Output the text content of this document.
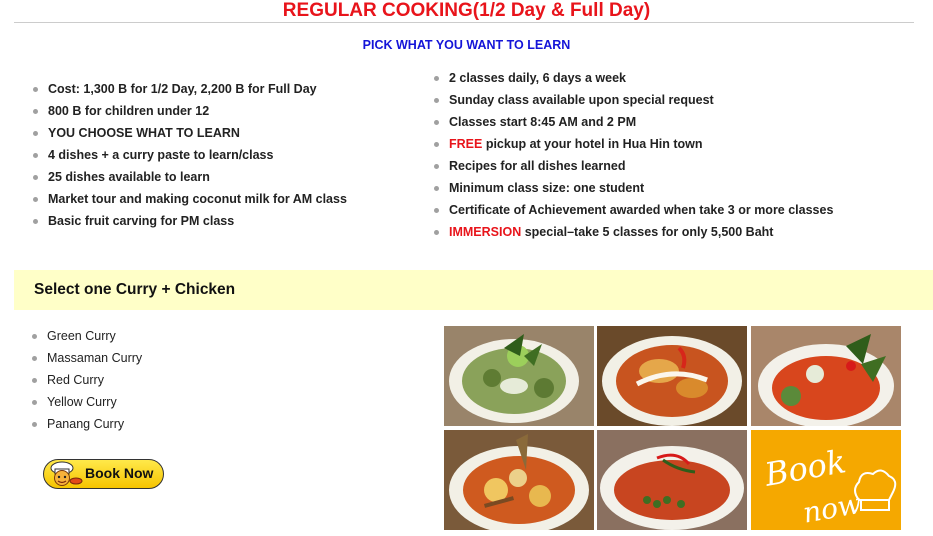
REGULAR COOKING(1/2 Day & Full Day)
PICK WHAT YOU WANT TO LEARN
Cost: 1,300 B for 1/2 Day, 2,200 B for Full Day
800 B for children under 12
YOU CHOOSE WHAT TO LEARN
4 dishes + a curry paste to learn/class
25 dishes available to learn
Market tour and making coconut milk for AM class
Basic fruit carving for PM class
2 classes daily, 6 days a week
Sunday class available upon special request
Classes start 8:45 AM and 2 PM
FREE pickup at your hotel in Hua Hin town
Recipes for all dishes learned
Minimum class size: one student
Certificate of Achievement awarded when take 3 or more classes
IMMERSION special–take 5 classes for only 5,500 Baht
Select one Curry + Chicken
Green Curry
Massaman Curry
Red Curry
Yellow Curry
Panang Curry
Book Now	Book
now
